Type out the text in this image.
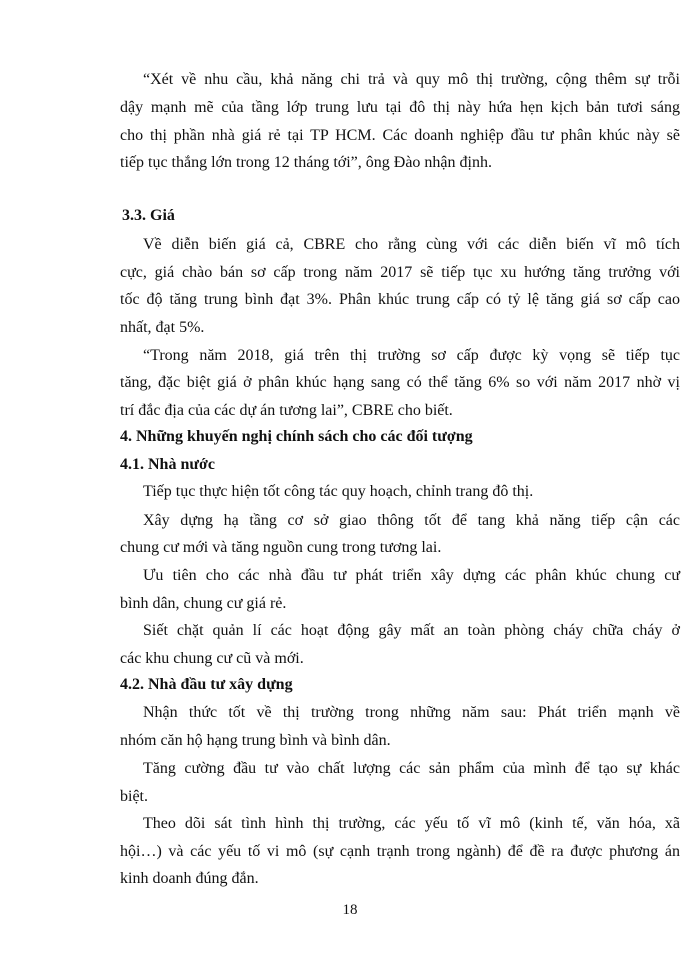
“Xét về nhu cầu, khả năng chi trả và quy mô thị trường, cộng thêm sự trỗi
dậy mạnh mẽ của tầng lớp trung lưu tại đô thị này hứa hẹn kịch bản tươi sáng
cho thị phần nhà giá rẻ tại TP HCM. Các doanh nghiệp đầu tư phân khúc này sẽ
tiếp tục thắng lớn trong 12 tháng tới”, ông Đào nhận định.
3.3. Giá
Về diễn biến giá cả, CBRE cho rằng cùng với các diễn biến vĩ mô tích
cực, giá chào bán sơ cấp trong năm 2017 sẽ tiếp tục xu hướng tăng trưởng với
tốc độ tăng trung bình đạt 3%. Phân khúc trung cấp có tỷ lệ tăng giá sơ cấp cao
nhất, đạt 5%.
“Trong năm 2018, giá trên thị trường sơ cấp được kỳ vọng sẽ tiếp tục
tăng, đặc biệt giá ở phân khúc hạng sang có thể tăng 6% so với năm 2017 nhờ vị
trí đắc địa của các dự án tương lai”, CBRE cho biết.
4. Những khuyến nghị chính sách cho các đối tượng
4.1. Nhà nước
Tiếp tục thực hiện tốt công tác quy hoạch, chỉnh trang đô thị.
Xây dựng hạ tầng cơ sở giao thông tốt để tang khả năng tiếp cận các
chung cư mới và tăng nguồn cung trong tương lai.
Ưu tiên cho các nhà đầu tư phát triển xây dựng các phân khúc chung cư
bình dân, chung cư giá rẻ.
Siết chặt quản lí các hoạt động gây mất an toàn phòng cháy chữa cháy ở
các khu chung cư cũ và mới.
4.2. Nhà đầu tư xây dựng
Nhận thức tốt về thị trường trong những năm sau: Phát triển mạnh về
nhóm căn hộ hạng trung bình và bình dân.
Tăng cường đầu tư vào chất lượng các sản phẩm của mình để tạo sự khác
biệt.
Theo dõi sát tình hình thị trường, các yếu tố vĩ mô (kinh tế, văn hóa, xã
hội…) và các yếu tố vi mô (sự cạnh trạnh trong ngành) để đề ra được phương án
kinh doanh đúng đắn.
18
